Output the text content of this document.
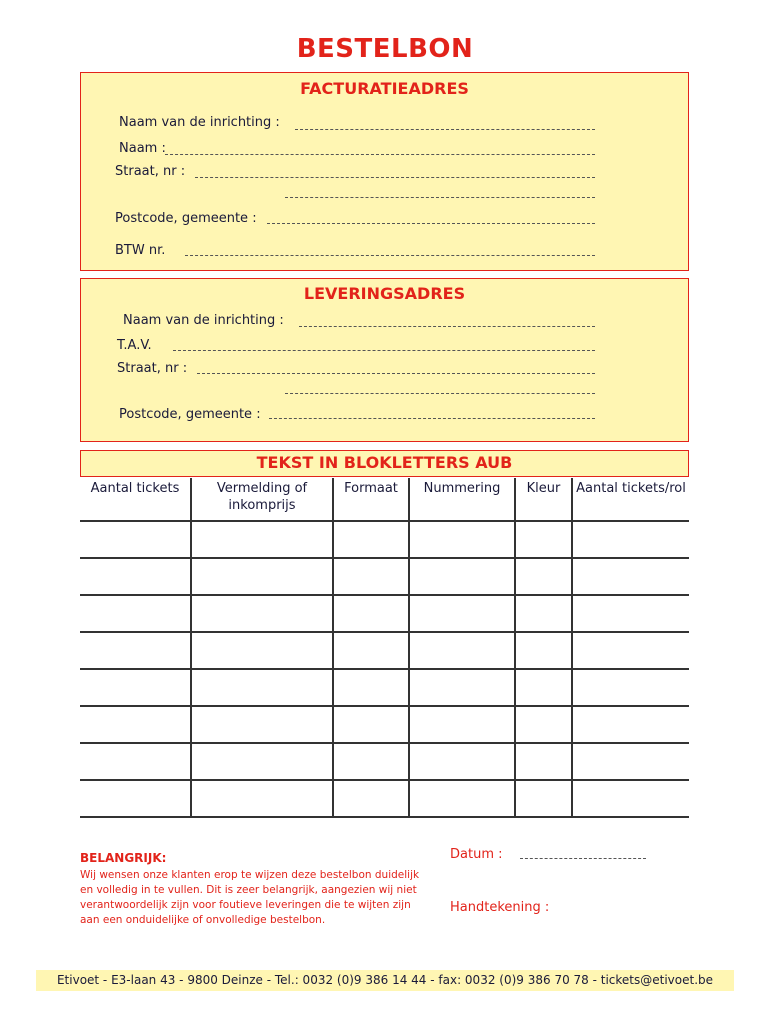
BESTELBON
FACTURATIEADRES
Naam van de inrichting :
Naam :
Straat, nr :
Postcode, gemeente :
BTW nr.
LEVERINGSADRES
Naam van de inrichting :
T.A.V.
Straat, nr :
Postcode, gemeente :
TEKST IN BLOKLETTERS AUB
Aantal tickets	Vermelding of inkomprijs	Formaat	Nummering	Kleur	Aantal tickets/rol

BELANGRIJK:
Wij wensen onze klanten erop te wijzen deze bestelbon duidelijk en volledig in te vullen. Dit is zeer belangrijk, aangezien wij niet verantwoordelijk zijn voor foutieve leveringen die te wijten zijn aan een onduidelijke of onvolledige bestelbon.
Datum :
Handtekening :
Etivoet - E3-laan 43 - 9800 Deinze - Tel.: 0032 (0)9 386 14 44 - fax: 0032 (0)9 386 70 78 - tickets@etivoet.be
